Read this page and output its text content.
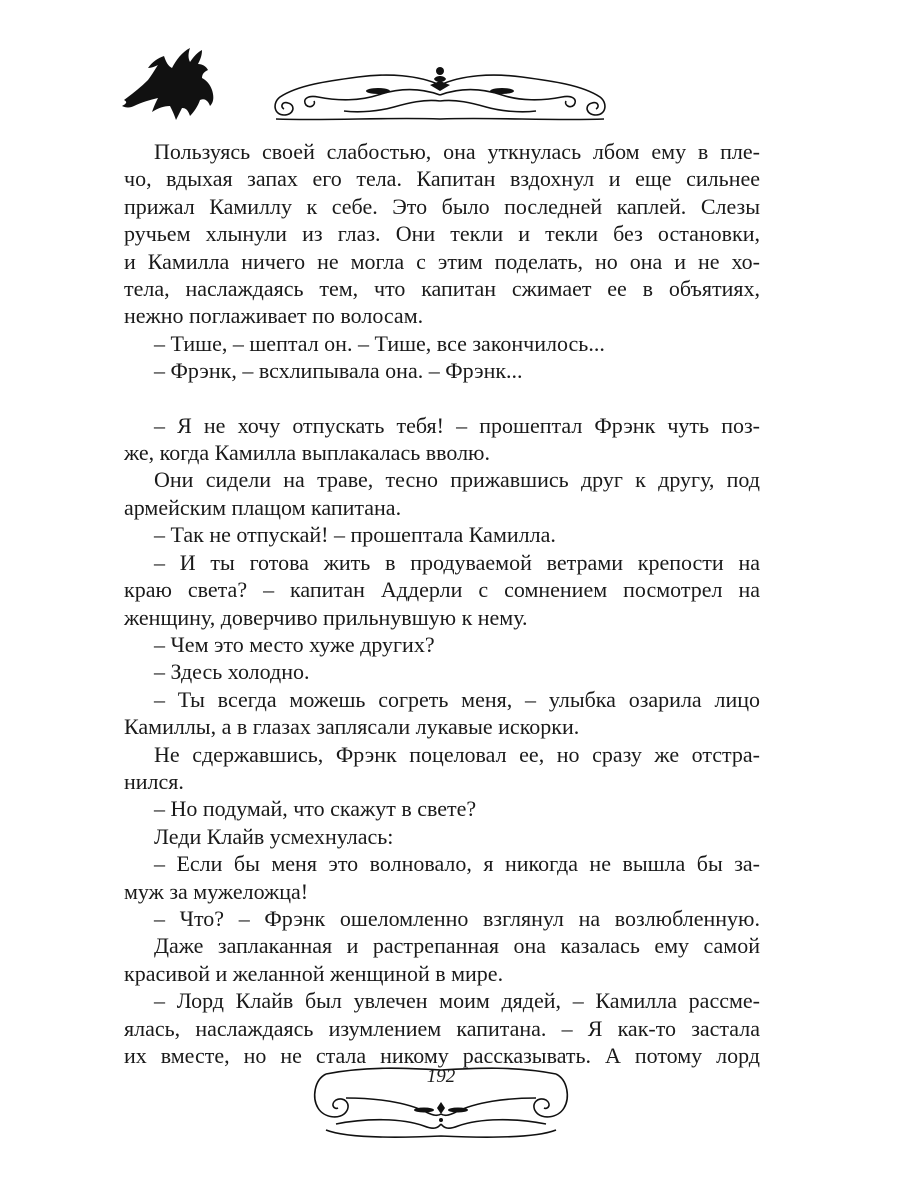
Пользуясь своей слабостью, она уткнулась лбом ему в пле-
чо, вдыхая запах его тела. Капитан вздохнул и еще сильнее
прижал Камиллу к себе. Это было последней каплей. Слезы
ручьем хлынули из глаз. Они текли и текли без остановки,
и Камилла ничего не могла с этим поделать, но она и не хо-
тела, наслаждаясь тем, что капитан сжимает ее в объятиях,
нежно поглаживает по волосам.
– Тише, – шептал он. – Тише, все закончилось...
– Фрэнк, – всхлипывала она. – Фрэнк...
– Я не хочу отпускать тебя! – прошептал Фрэнк чуть поз-
же, когда Камилла выплакалась вволю.
Они сидели на траве, тесно прижавшись друг к другу, под
армейским плащом капитана.
– Так не отпускай! – прошептала Камилла.
– И ты готова жить в продуваемой ветрами крепости на
краю света? – капитан Аддерли с сомнением посмотрел на
женщину, доверчиво прильнувшую к нему.
– Чем это место хуже других?
– Здесь холодно.
– Ты всегда можешь согреть меня, – улыбка озарила лицо
Камиллы, а в глазах заплясали лукавые искорки.
Не сдержавшись, Фрэнк поцеловал ее, но сразу же отстра-
нился.
– Но подумай, что скажут в свете?
Леди Клайв усмехнулась:
– Если бы меня это волновало, я никогда не вышла бы за-
муж за мужеложца!
– Что? – Фрэнк ошеломленно взглянул на возлюбленную.
Даже заплаканная и растрепанная она казалась ему самой
красивой и желанной женщиной в мире.
– Лорд Клайв был увлечен моим дядей, – Камилла рассме-
ялась, наслаждаясь изумлением капитана. – Я как-то застала
их вместе, но не стала никому рассказывать. А потому лорд
192
